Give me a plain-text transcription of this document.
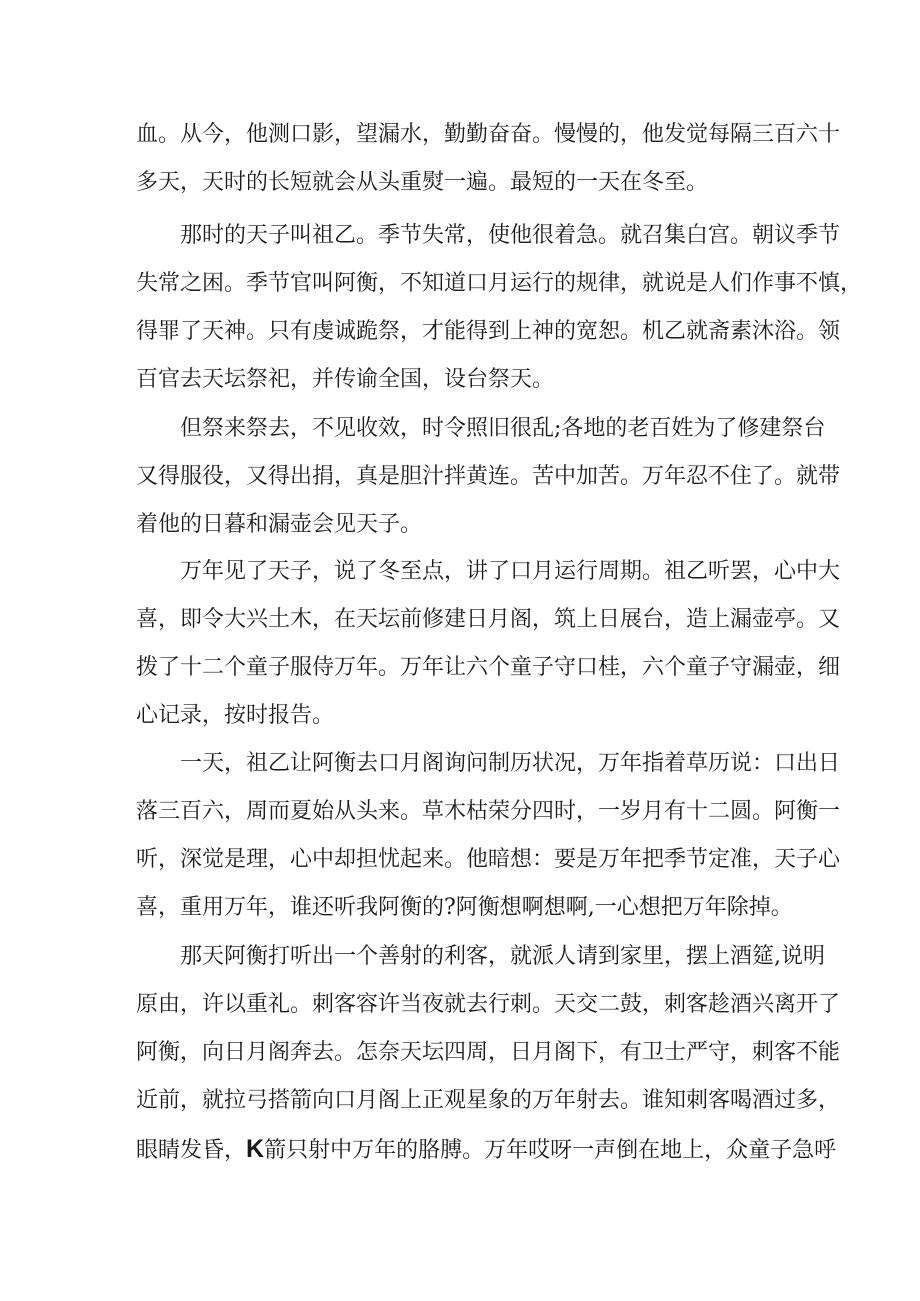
血。从今，他测口影，望漏水，勤勤奋奋。慢慢的，他发觉每隔三百六十
多天，天时的长短就会从头重熨一遍。最短的一天在冬至。

那时的天子叫祖乙。季节失常，使他很着急。就召集白宫。朝议季节
失常之困。季节官叫阿衡，不知道口月运行的规律，就说是人们作事不慎，
得罪了天神。只有虔诚跪祭，才能得到上神的宽恕。机乙就斋素沐浴。领
百官去天坛祭祀，并传谕全国，设台祭天。

但祭来祭去，不见收效，时令照旧很乱;各地的老百姓为了修建祭台
又得服役，又得出捐，真是胆汁拌黄连。苦中加苦。万年忍不住了。就带
着他的日暮和漏壶会见天子。

万年见了天子，说了冬至点，讲了口月运行周期。祖乙听罢，心中大
喜，即令大兴土木，在天坛前修建日月阁，筑上日展台，造上漏壶亭。又
拨了十二个童子服侍万年。万年让六个童子守口桂，六个童子守漏壶，细
心记录，按时报告。

一天，祖乙让阿衡去口月阁询问制历状况，万年指着草历说：口出日
落三百六，周而夏始从头来。草木枯荣分四时，一岁月有十二圆。阿衡一
听，深觉是理，心中却担忧起来。他暗想：要是万年把季节定准，天子心
喜，重用万年，谁还听我阿衡的?阿衡想啊想啊,一心想把万年除掉。

那天阿衡打听出一个善射的利客，就派人请到家里，摆上酒筵,说明
原由，许以重礼。刺客容许当夜就去行刺。天交二鼓，刺客趁酒兴离开了
阿衡，向日月阁奔去。怎奈天坛四周，日月阁下，有卫士严守，刺客不能
近前，就拉弓搭箭向口月阁上正观星象的万年射去。谁知刺客喝酒过多，
眼睛发昏，K箭只射中万年的胳膊。万年哎呀一声倒在地上，众童子急呼
